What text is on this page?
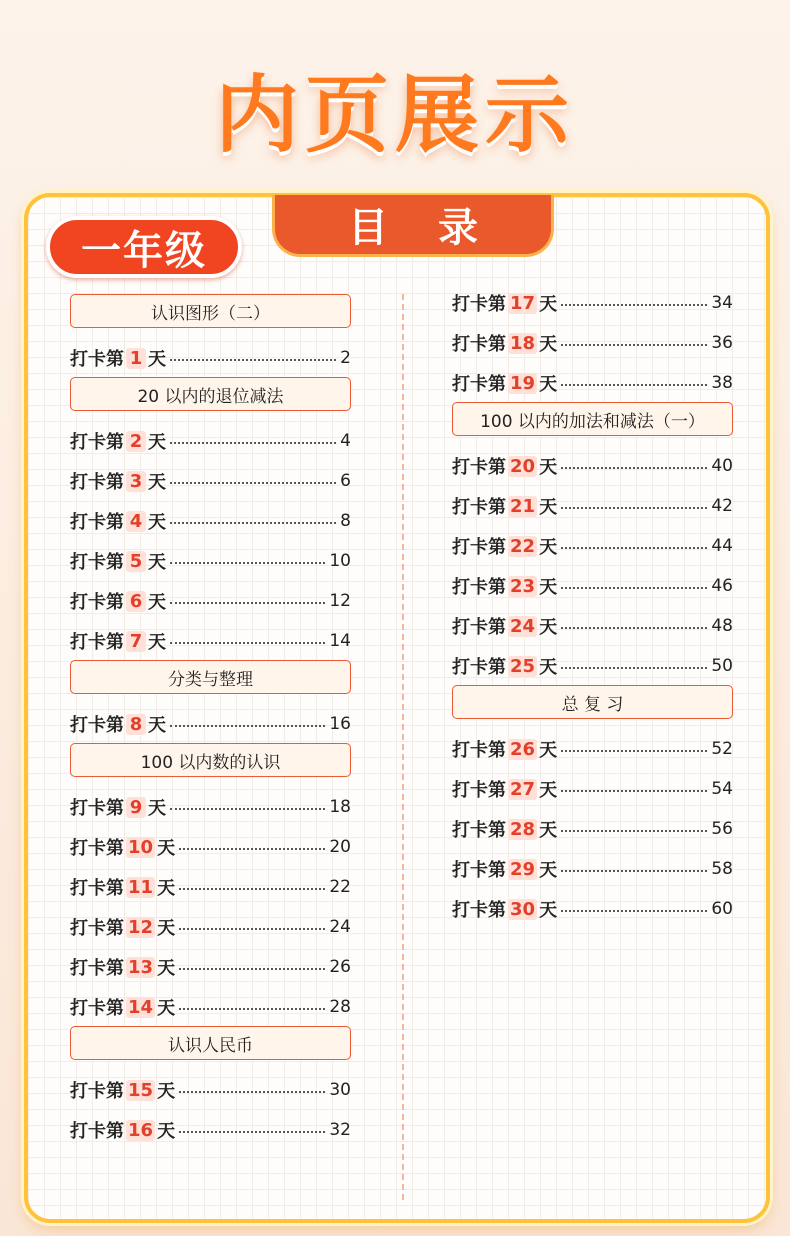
内页展示
目录
一年级
认识图形（二）
打卡第 1 天	2
20 以内的退位减法
打卡第 2 天	4
打卡第 3 天	6
打卡第 4 天	8
打卡第 5 天	10
打卡第 6 天	12
打卡第 7 天	14
分类与整理
打卡第 8 天	16
100 以内数的认识
打卡第 9 天	18
打卡第 10 天	20
打卡第 11 天	22
打卡第 12 天	24
打卡第 13 天	26
打卡第 14 天	28
认识人民币
打卡第 15 天	30
打卡第 16 天	32
打卡第 17 天	34
打卡第 18 天	36
打卡第 19 天	38
100 以内的加法和减法（一）
打卡第 20 天	40
打卡第 21 天	42
打卡第 22 天	44
打卡第 23 天	46
打卡第 24 天	48
打卡第 25 天	50
总 复 习
打卡第 26 天	52
打卡第 27 天	54
打卡第 28 天	56
打卡第 29 天	58
打卡第 30 天	60
